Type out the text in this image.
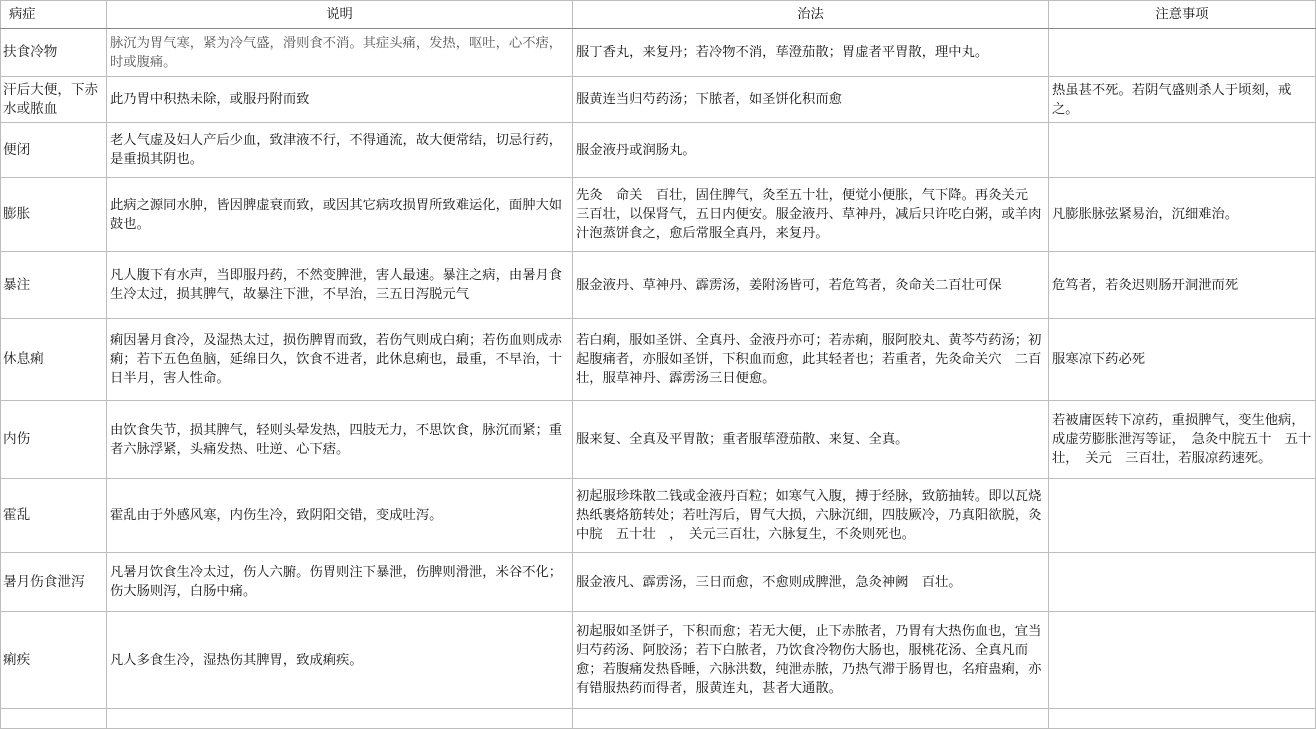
病症	说明	治法	注意事项
扶食冷物	脉沉为胃气寒，紧为冷气盛，滑则食不消。其症头痛，发热，呕吐，心不痞，时或腹痛。	服丁香丸，来复丹；若冷物不消，荜澄茄散；胃虚者平胃散，理中丸。	
汗后大便，下赤水或脓血	此乃胃中积热未除，或服丹附而致	服黄连当归芍药汤；下脓者，如圣饼化积而愈	热虽甚不死。若阴气盛则杀人于顷刻，戒之。
便闭	老人气虚及妇人产后少血，致津液不行，不得通流，故大便常结，切忌行药，是重损其阴也。	服金液丹或润肠丸。	
膨胀	此病之源同水肿，皆因脾虚衰而致，或因其它病攻损胃所致难运化，面肿大如鼓也。	先灸　命关　百壮，固住脾气，灸至五十壮，便觉小便胀，气下降。再灸关元　三百壮，以保肾气，五日内便安。服金液丹、草神丹，减后只许吃白粥，或羊肉汁泡蒸饼食之，愈后常服全真丹，来复丹。	凡膨胀脉弦紧易治，沉细难治。
暴注	凡人腹下有水声，当即服丹药，不然变脾泄，害人最速。暴注之病，由暑月食生冷太过，损其脾气，故暴注下泄，不早治，三五日泻脱元气	服金液丹、草神丹、霹雳汤，姜附汤皆可，若危笃者，灸命关二百壮可保	危笃者，若灸迟则肠开洞泄而死
休息痢	痢因暑月食冷，及湿热太过，损伤脾胃而致，若伤气则成白痢；若伤血则成赤痢；若下五色鱼脑，延绵日久，饮食不进者，此休息痢也，最重，不早治，十日半月，害人性命。	若白痢，服如圣饼、全真丹、金液丹亦可；若赤痢，服阿胶丸、黄芩芍药汤；初起腹痛者，亦服如圣饼，下积血而愈，此其轻者也；若重者，先灸命关穴　二百壮，服草神丹、霹雳汤三日便愈。	服寒凉下药必死
内伤	由饮食失节，损其脾气，轻则头晕发热，四肢无力，不思饮食，脉沉而紧；重者六脉浮紧，头痛发热、吐逆、心下痞。	服来复、全真及平胃散；重者服荜澄茄散、来复、全真。	若被庸医转下凉药，重损脾气，变生他病，成虚劳膨胀泄泻等证，　急灸中脘五十　五十壮，　关元　三百壮，若服凉药速死。
霍乱	霍乱由于外感风寒，内伤生冷，致阴阳交错，变成吐泻。	初起服珍珠散二钱或金液丹百粒；如寒气入腹，搏于经脉，致筋抽转。即以瓦烧热纸裹烙筋转处；若吐泻后，胃气大损，六脉沉细，四肢厥冷，乃真阳欲脱，灸　中脘　五十壮　，　关元三百壮，六脉复生，不灸则死也。	
暑月伤食泄泻	凡暑月饮食生冷太过，伤人六腑。伤胃则注下暴泄，伤脾则滑泄，米谷不化；伤大肠则泻，白肠中痛。	服金液凡、霹雳汤，三日而愈，不愈则成脾泄，急灸神阙　百壮。	
痢疾	凡人多食生冷，湿热伤其脾胃，致成痢疾。	初起服如圣饼子，下积而愈；若无大便，止下赤脓者，乃胃有大热伤血也，宜当归芍药汤、阿胶汤；若下白脓者，乃饮食冷物伤大肠也，服桃花汤、全真凡而愈；若腹痛发热昏睡，六脉洪数，纯泄赤脓，乃热气滞于肠胃也，名疳蛊痢，亦有错服热药而得者，服黄连丸，甚者大通散。	
